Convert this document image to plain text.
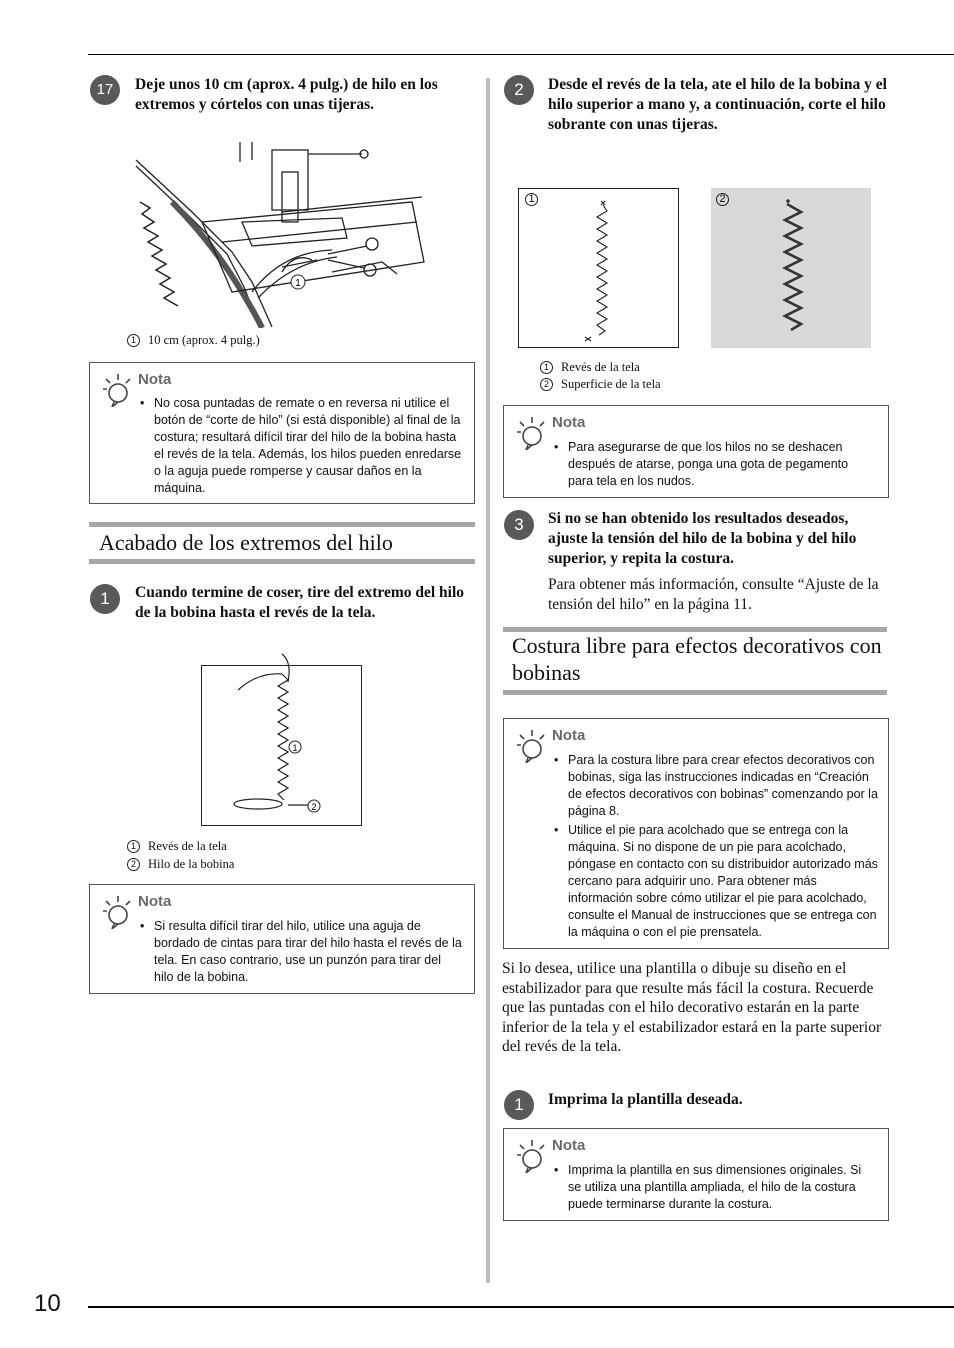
10
17	Deje unos 10 cm (aprox. 4 pulg.) de hilo en los extremos y córtelos con unas tijeras.
1
1 10 cm (aprox. 4 pulg.)
Nota
• No cosa puntadas de remate o en reversa ni utilice el botón de “corte de hilo” (si está disponible) al final de la costura; resultará difícil tirar del hilo de la bobina hasta el revés de la tela. Además, los hilos pueden enredarse o la aguja puede romperse y causar daños en la máquina.
Acabado de los extremos del hilo
1	Cuando termine de coser, tire del extremo del hilo de la bobina hasta el revés de la tela.
1
2
1 Revés de la tela
2 Hilo de la bobina
Nota
• Si resulta difícil tirar del hilo, utilice una aguja de bordado de cintas para tirar del hilo hasta el revés de la tela. En caso contrario, use un punzón para tirar del hilo de la bobina.
2	Desde el revés de la tela, ate el hilo de la bobina y el hilo superior a mano y, a continuación, corte el hilo sobrante con unas tijeras.
1	2
1 Revés de la tela
2 Superficie de la tela
Nota
• Para asegurarse de que los hilos no se deshacen después de atarse, ponga una gota de pegamento para tela en los nudos.
3	Si no se han obtenido los resultados deseados, ajuste la tensión del hilo de la bobina y del hilo superior, y repita la costura.
Para obtener más información, consulte “Ajuste de la tensión del hilo” en la página 11.
Costura libre para efectos decorativos con bobinas
Nota
• Para la costura libre para crear efectos decorativos con bobinas, siga las instrucciones indicadas en “Creación de efectos decorativos con bobinas” comenzando por la página 8.
• Utilice el pie para acolchado que se entrega con la máquina. Si no dispone de un pie para acolchado, póngase en contacto con su distribuidor autorizado más cercano para adquirir uno. Para obtener más información sobre cómo utilizar el pie para acolchado, consulte el Manual de instrucciones que se entrega con la máquina o con el pie prensatela.
Si lo desea, utilice una plantilla o dibuje su diseño en el estabilizador para que resulte más fácil la costura. Recuerde que las puntadas con el hilo decorativo estarán en la parte inferior de la tela y el estabilizador estará en la parte superior del revés de la tela.
1	Imprima la plantilla deseada.
Nota
• Imprima la plantilla en sus dimensiones originales. Si se utiliza una plantilla ampliada, el hilo de la costura puede terminarse durante la costura.
